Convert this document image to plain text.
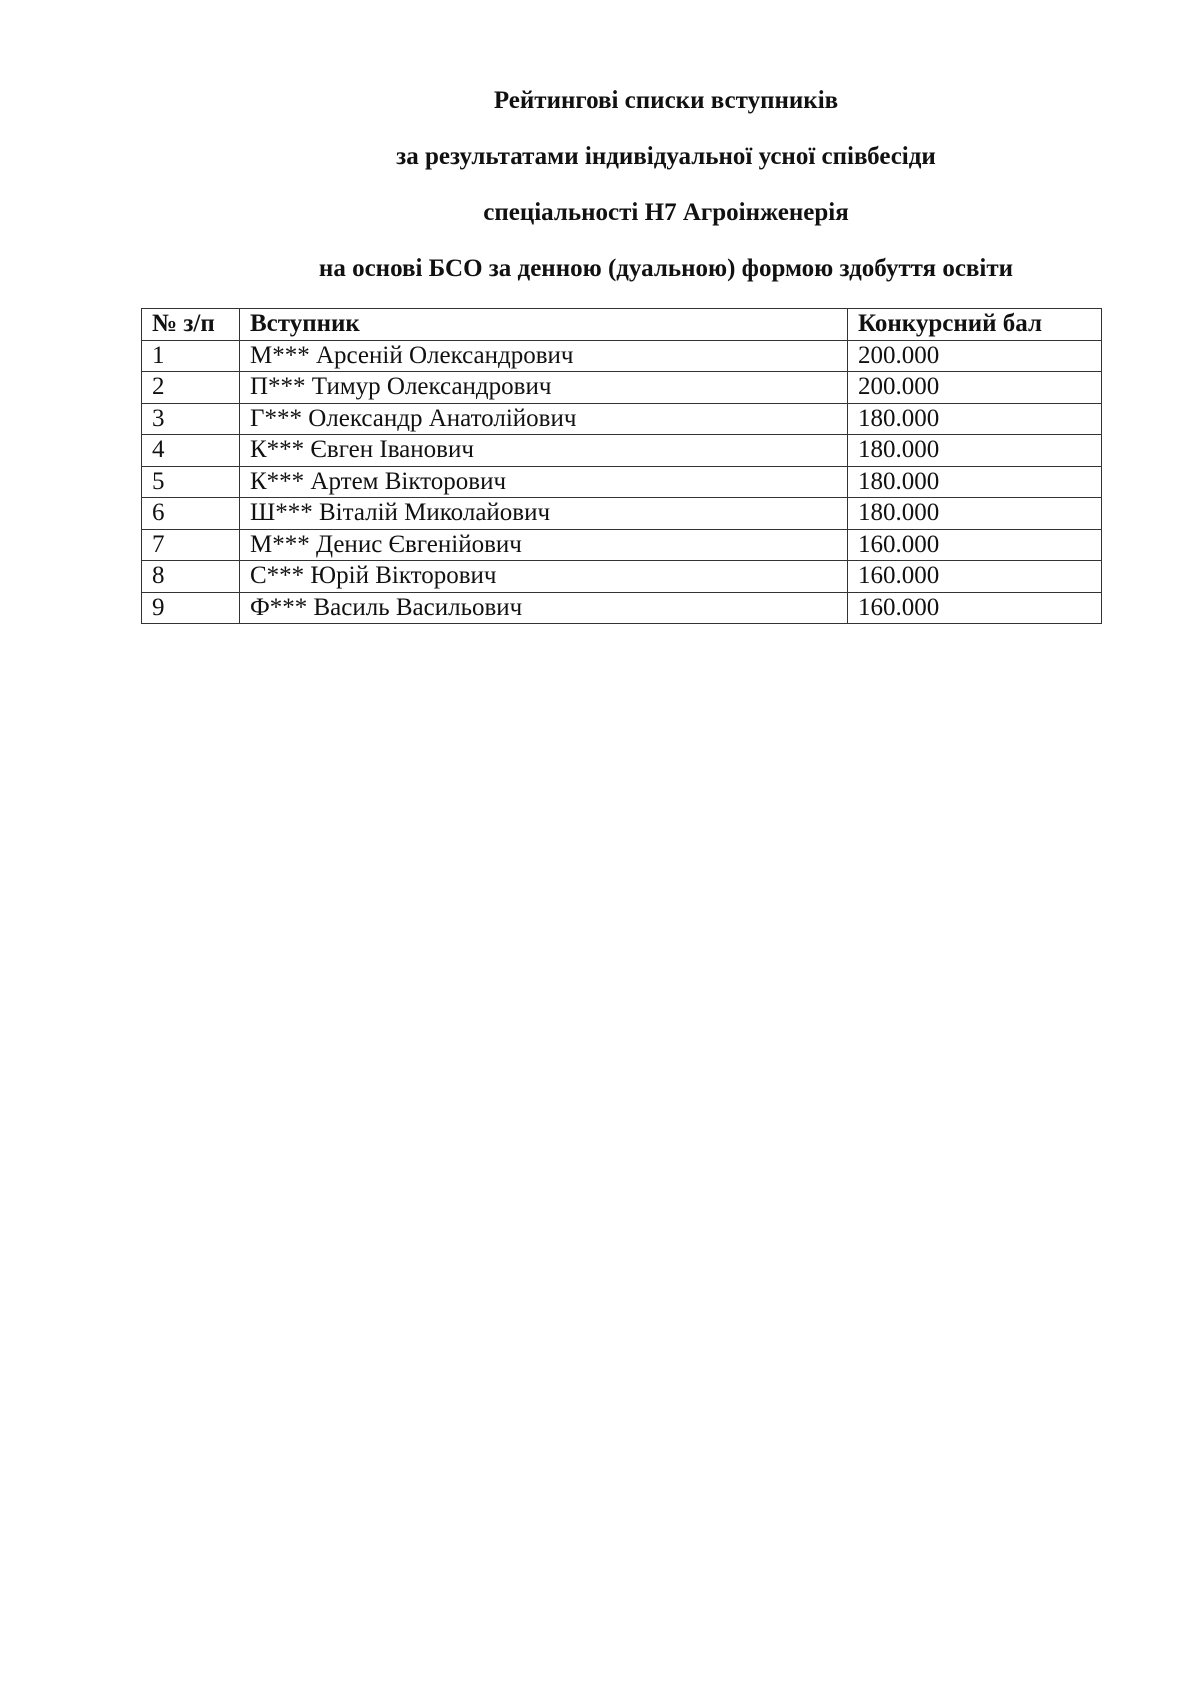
Рейтингові списки вступників
за результатами індивідуальної усної співбесіди
спеціальності Н7 Агроінженерія
на основі БСО за денною (дуальною) формою здобуття освіти
№ з/п	Вступник	Конкурсний бал
1	М*** Арсеній Олександрович	200.000
2	П*** Тимур Олександрович	200.000
3	Г*** Олександр Анатолійович	180.000
4	К*** Євген Іванович	180.000
5	К*** Артем Вікторович	180.000
6	Ш*** Віталій Миколайович	180.000
7	М*** Денис Євгенійович	160.000
8	С*** Юрій Вікторович	160.000
9	Ф*** Василь Васильович	160.000
